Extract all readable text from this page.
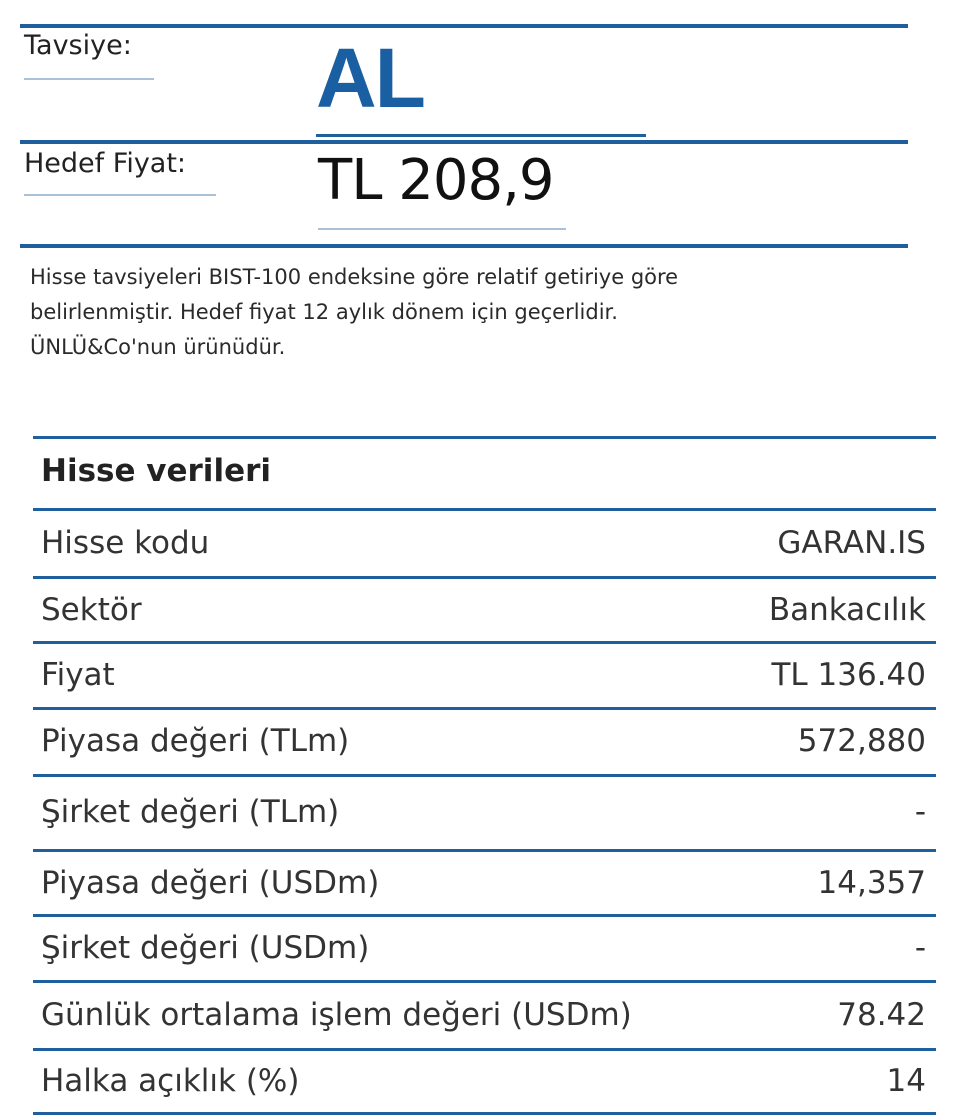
Tavsiye: AL
Hedef Fiyat: TL 208,9
Hisse tavsiyeleri BIST-100 endeksine göre relatif getiriye göre
belirlenmiştir. Hedef fiyat 12 aylık dönem için geçerlidir.
ÜNLÜ&Co'nun ürünüdür.
Hisse verileri
Hisse kodu	GARAN.IS
Sektör	Bankacılık
Fiyat	TL 136.40
Piyasa değeri (TLm)	572,880
Şirket değeri (TLm)	-
Piyasa değeri (USDm)	14,357
Şirket değeri (USDm)	-
Günlük ortalama işlem değeri (USDm)	78.42
Halka açıklık (%)	14
